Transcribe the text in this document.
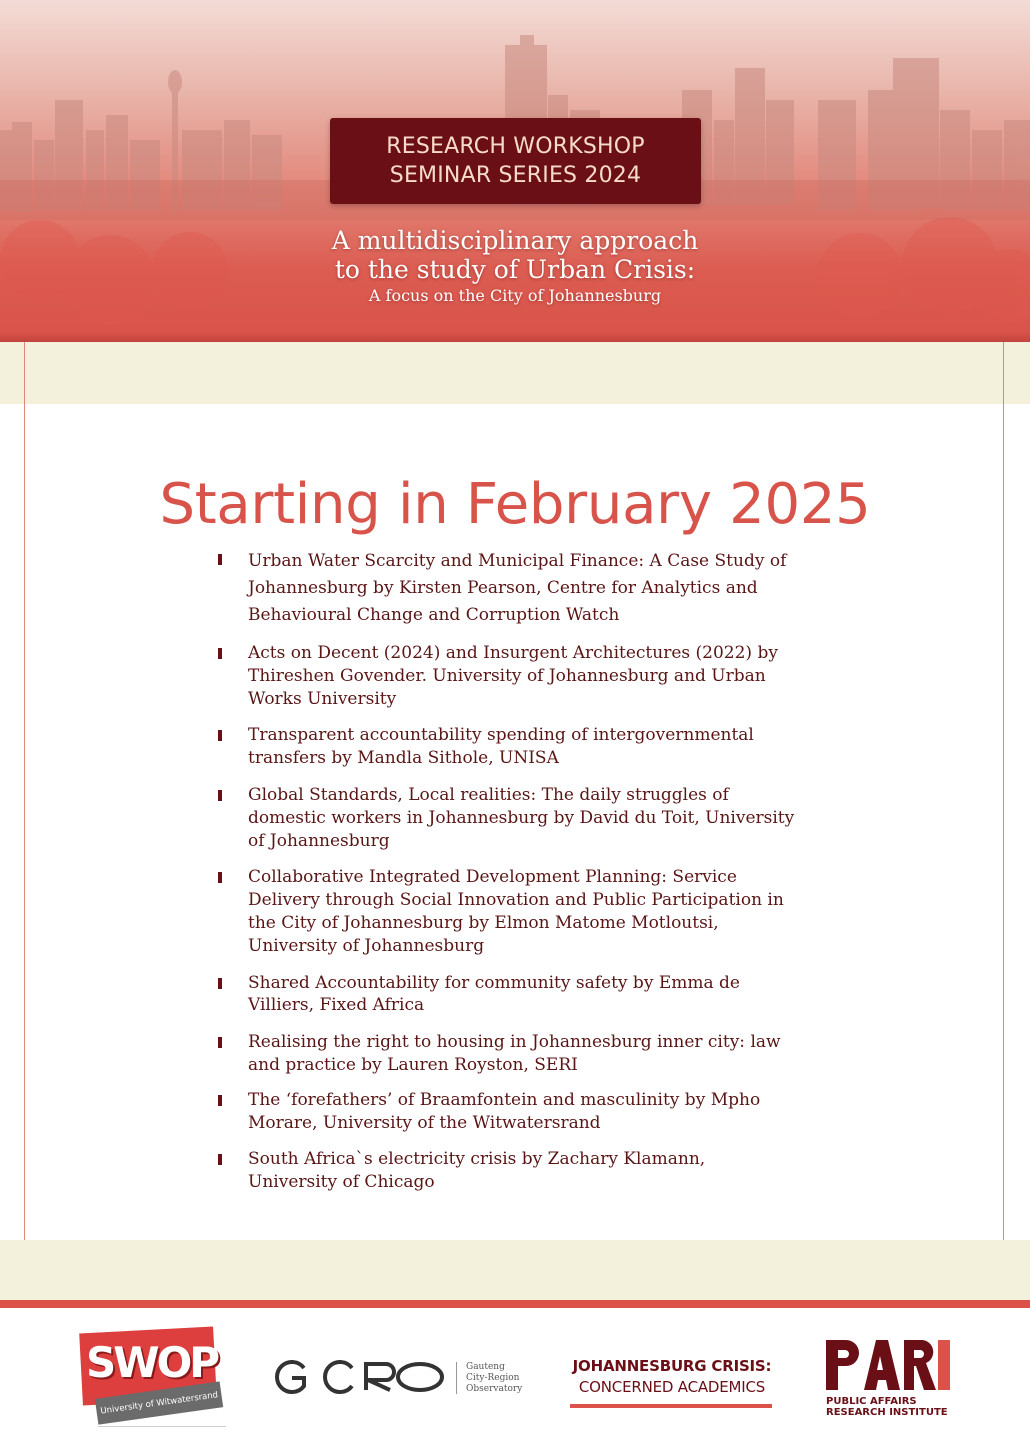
RESEARCH WORKSHOP
SEMINAR SERIES 2024
A multidisciplinary approach
to the study of Urban Crisis:
A focus on the City of Johannesburg
Starting in February 2025
Urban Water Scarcity and Municipal Finance: A Case Study of Johannesburg by Kirsten Pearson, Centre for Analytics and Behavioural Change and Corruption Watch
Acts on Decent (2024) and Insurgent Architectures (2022) by Thireshen Govender. University of Johannesburg and Urban Works University
Transparent accountability spending of intergovernmental transfers by Mandla Sithole, UNISA
Global Standards, Local realities: The daily struggles of domestic workers in Johannesburg by David du Toit, University of Johannesburg
Collaborative Integrated Development Planning: Service Delivery through Social Innovation and Public Participation in the City of Johannesburg by Elmon Matome Motloutsi, University of Johannesburg
Shared Accountability for community safety by Emma de Villiers, Fixed Africa
Realising the right to housing in Johannesburg inner city: law and practice by Lauren Royston, SERI
The ‘forefathers’ of Braamfontein and masculinity by Mpho Morare, University of the Witwatersrand
South Africa`s electricity crisis by Zachary Klamann, University of Chicago
SWOP
University of Witwatersrand
Gauteng
City-Region
Observatory
JOHANNESBURG CRISIS:
CONCERNED ACADEMICS
PUBLIC AFFAIRS
RESEARCH INSTITUTE
